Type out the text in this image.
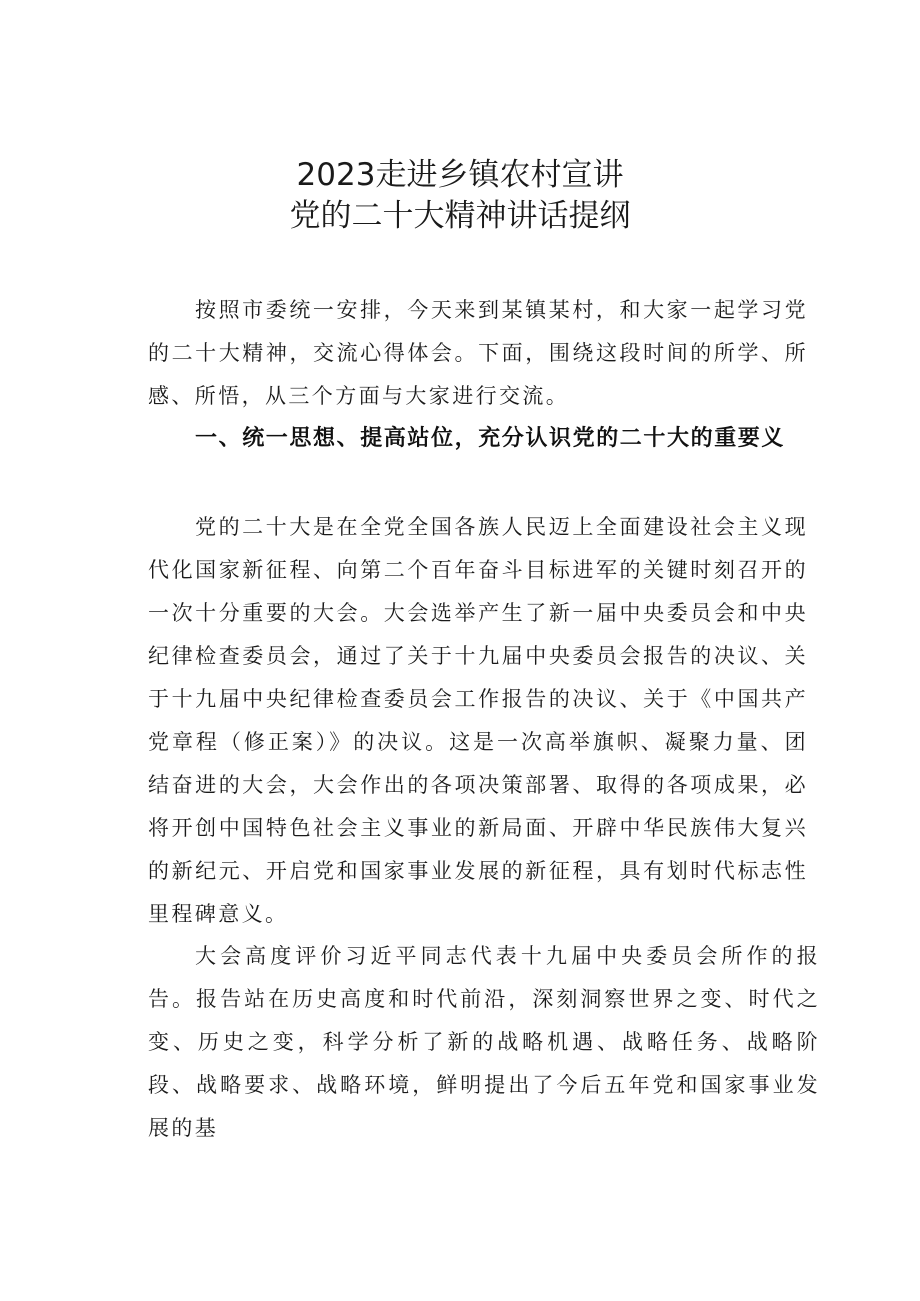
2023走进乡镇农村宣讲
党的二十大精神讲话提纲

按照市委统一安排，今天来到某镇某村，和大家一起学习党的二十大精神，交流心得体会。下面，围绕这段时间的所学、所感、所悟，从三个方面与大家进行交流。

一、统一思想、提高站位，充分认识党的二十大的重要义

党的二十大是在全党全国各族人民迈上全面建设社会主义现代化国家新征程、向第二个百年奋斗目标进军的关键时刻召开的一次十分重要的大会。大会选举产生了新一届中央委员会和中央纪律检查委员会，通过了关于十九届中央委员会报告的决议、关于十九届中央纪律检查委员会工作报告的决议、关于《中国共产党章程（修正案）》的决议。这是一次高举旗帜、凝聚力量、团结奋进的大会，大会作出的各项决策部署、取得的各项成果，必将开创中国特色社会主义事业的新局面、开辟中华民族伟大复兴的新纪元、开启党和国家事业发展的新征程，具有划时代标志性里程碑意义。

大会高度评价习近平同志代表十九届中央委员会所作的报告。报告站在历史高度和时代前沿，深刻洞察世界之变、时代之变、历史之变，科学分析了新的战略机遇、战略任务、战略阶段、战略要求、战略环境，鲜明提出了今后五年党和国家事业发展的基
